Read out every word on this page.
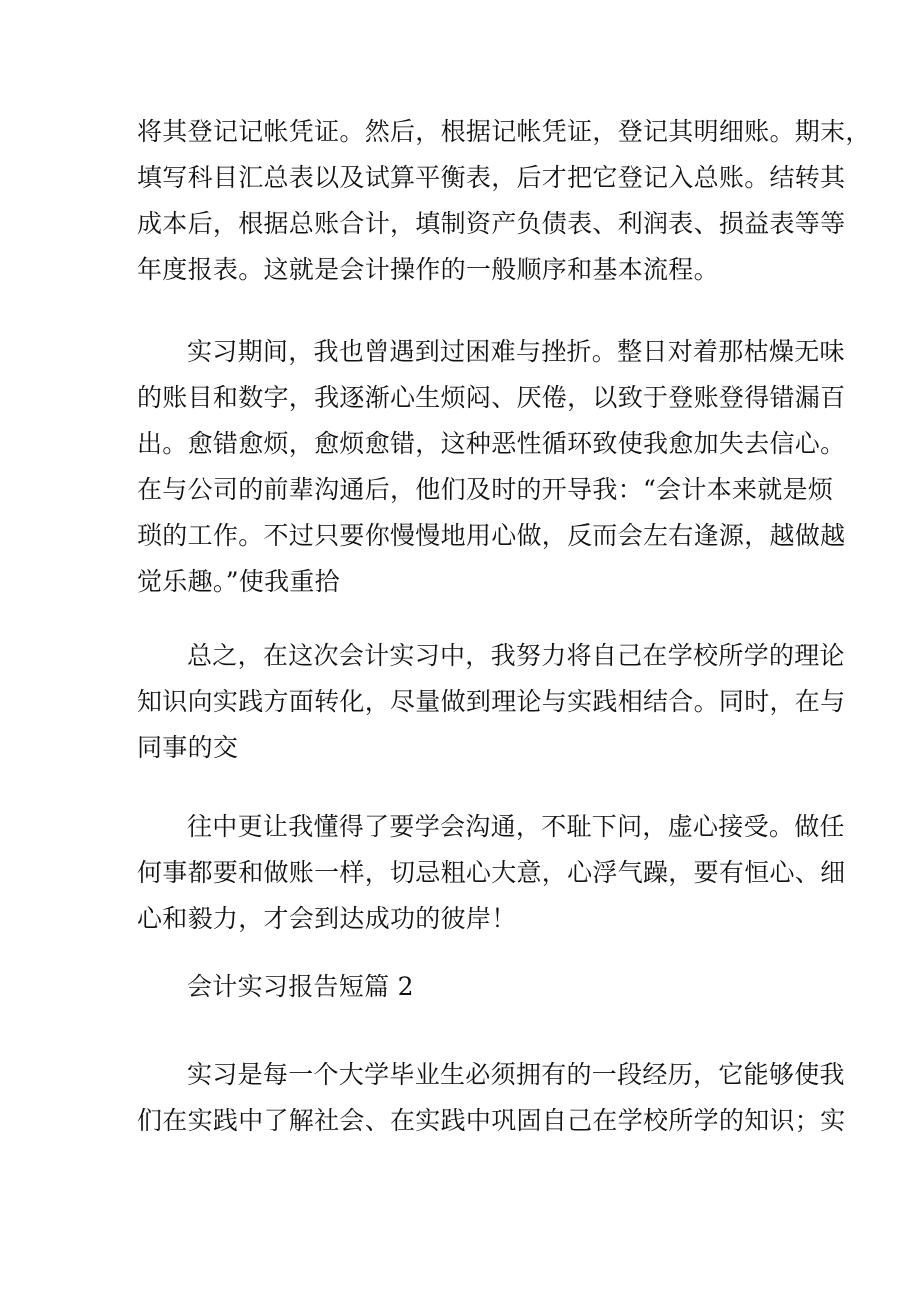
将其登记记帐凭证。然后，根据记帐凭证，登记其明细账。期末，
填写科目汇总表以及试算平衡表，后才把它登记入总账。结转其
成本后，根据总账合计，填制资产负债表、利润表、损益表等等
年度报表。这就是会计操作的一般顺序和基本流程。
实习期间，我也曾遇到过困难与挫折。整日对着那枯燥无味
的账目和数字，我逐渐心生烦闷、厌倦，以致于登账登得错漏百
出。愈错愈烦，愈烦愈错，这种恶性循环致使我愈加失去信心。
在与公司的前辈沟通后，他们及时的开导我：“会计本来就是烦
琐的工作。不过只要你慢慢地用心做，反而会左右逢源，越做越
觉乐趣。”使我重拾
总之，在这次会计实习中，我努力将自己在学校所学的理论
知识向实践方面转化，尽量做到理论与实践相结合。同时，在与
同事的交
往中更让我懂得了要学会沟通，不耻下问，虚心接受。做任
何事都要和做账一样，切忌粗心大意，心浮气躁，要有恒心、细
心和毅力，才会到达成功的彼岸！
会计实习报告短篇 2
实习是每一个大学毕业生必须拥有的一段经历，它能够使我
们在实践中了解社会、在实践中巩固自己在学校所学的知识；实
